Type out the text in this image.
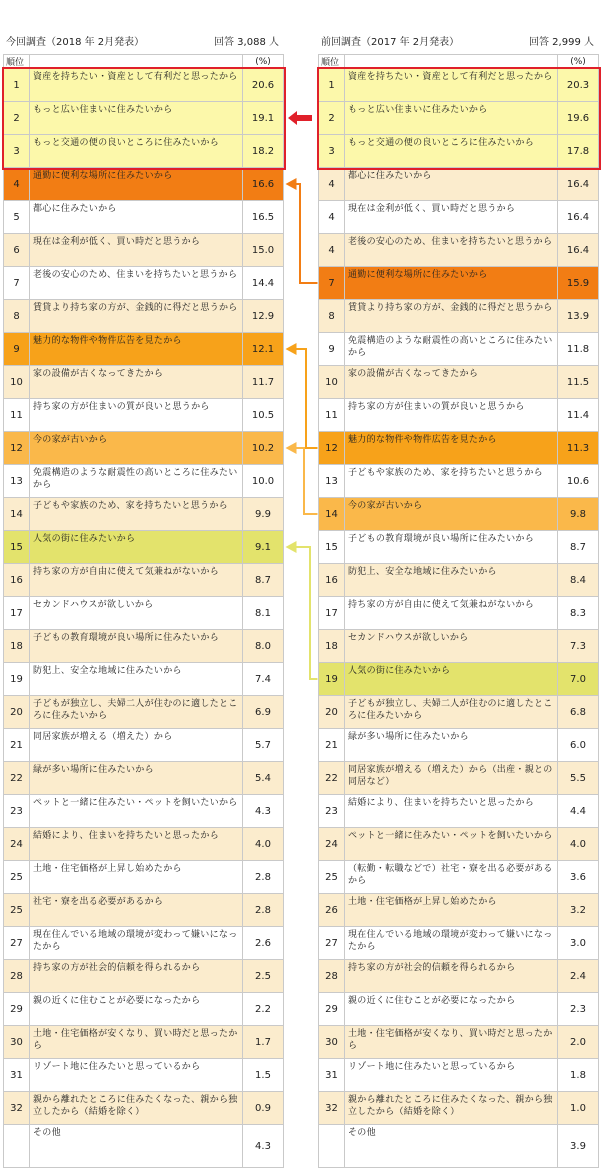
今回調査（2018 年 2月発表）	回答 3,088 人
順位		(%)
1	資産を持ちたい・資産として有利だと思ったから	20.6
2	もっと広い住まいに住みたいから	19.1
3	もっと交通の便の良いところに住みたいから	18.2
4	通勤に便利な場所に住みたいから	16.6
5	都心に住みたいから	16.5
6	現在は金利が低く、買い時だと思うから	15.0
7	老後の安心のため、住まいを持ちたいと思うから	14.4
8	賃貸より持ち家の方が、金銭的に得だと思うから	12.9
9	魅力的な物件や物件広告を見たから	12.1
10	家の設備が古くなってきたから	11.7
11	持ち家の方が住まいの質が良いと思うから	10.5
12	今の家が古いから	10.2
13	免震構造のような耐震性の高いところに住みたいから	10.0
14	子どもや家族のため、家を持ちたいと思うから	9.9
15	人気の街に住みたいから	9.1
16	持ち家の方が自由に使えて気兼ねがないから	8.7
17	セカンドハウスが欲しいから	8.1
18	子どもの教育環境が良い場所に住みたいから	8.0
19	防犯上、安全な地域に住みたいから	7.4
20	子どもが独立し、夫婦二人が住むのに適したところに住みたいから	6.9
21	同居家族が増える（増えた）から	5.7
22	緑が多い場所に住みたいから	5.4
23	ペットと一緒に住みたい・ペットを飼いたいから	4.3
24	結婚により、住まいを持ちたいと思ったから	4.0
25	土地・住宅価格が上昇し始めたから	2.8
25	社宅・寮を出る必要があるから	2.8
27	現在住んでいる地域の環境が変わって嫌いになったから	2.6
28	持ち家の方が社会的信頼を得られるから	2.5
29	親の近くに住むことが必要になったから	2.2
30	土地・住宅価格が安くなり、買い時だと思ったから	1.7
31	リゾート地に住みたいと思っているから	1.5
32	親から離れたところに住みたくなった、親から独立したから（結婚を除く）	0.9
	その他	4.3
前回調査（2017 年 2月発表）	回答 2,999 人
順位		(%)
1	資産を持ちたい・資産として有利だと思ったから	20.3
2	もっと広い住まいに住みたいから	19.6
3	もっと交通の便の良いところに住みたいから	17.8
4	都心に住みたいから	16.4
4	現在は金利が低く、買い時だと思うから	16.4
4	老後の安心のため、住まいを持ちたいと思うから	16.4
7	通勤に便利な場所に住みたいから	15.9
8	賃貸より持ち家の方が、金銭的に得だと思うから	13.9
9	免震構造のような耐震性の高いところに住みたいから	11.8
10	家の設備が古くなってきたから	11.5
11	持ち家の方が住まいの質が良いと思うから	11.4
12	魅力的な物件や物件広告を見たから	11.3
13	子どもや家族のため、家を持ちたいと思うから	10.6
14	今の家が古いから	9.8
15	子どもの教育環境が良い場所に住みたいから	8.7
16	防犯上、安全な地域に住みたいから	8.4
17	持ち家の方が自由に使えて気兼ねがないから	8.3
18	セカンドハウスが欲しいから	7.3
19	人気の街に住みたいから	7.0
20	子どもが独立し、夫婦二人が住むのに適したところに住みたいから	6.8
21	緑が多い場所に住みたいから	6.0
22	同居家族が増える（増えた）から（出産・親との同居など）	5.5
23	結婚により、住まいを持ちたいと思ったから	4.4
24	ペットと一緒に住みたい・ペットを飼いたいから	4.0
25	（転勤・転職などで）社宅・寮を出る必要があるから	3.6
26	土地・住宅価格が上昇し始めたから	3.2
27	現在住んでいる地域の環境が変わって嫌いになったから	3.0
28	持ち家の方が社会的信頼を得られるから	2.4
29	親の近くに住むことが必要になったから	2.3
30	土地・住宅価格が安くなり、買い時だと思ったから	2.0
31	リゾート地に住みたいと思っているから	1.8
32	親から離れたところに住みたくなった、親から独立したから（結婚を除く）	1.0
	その他	3.9
